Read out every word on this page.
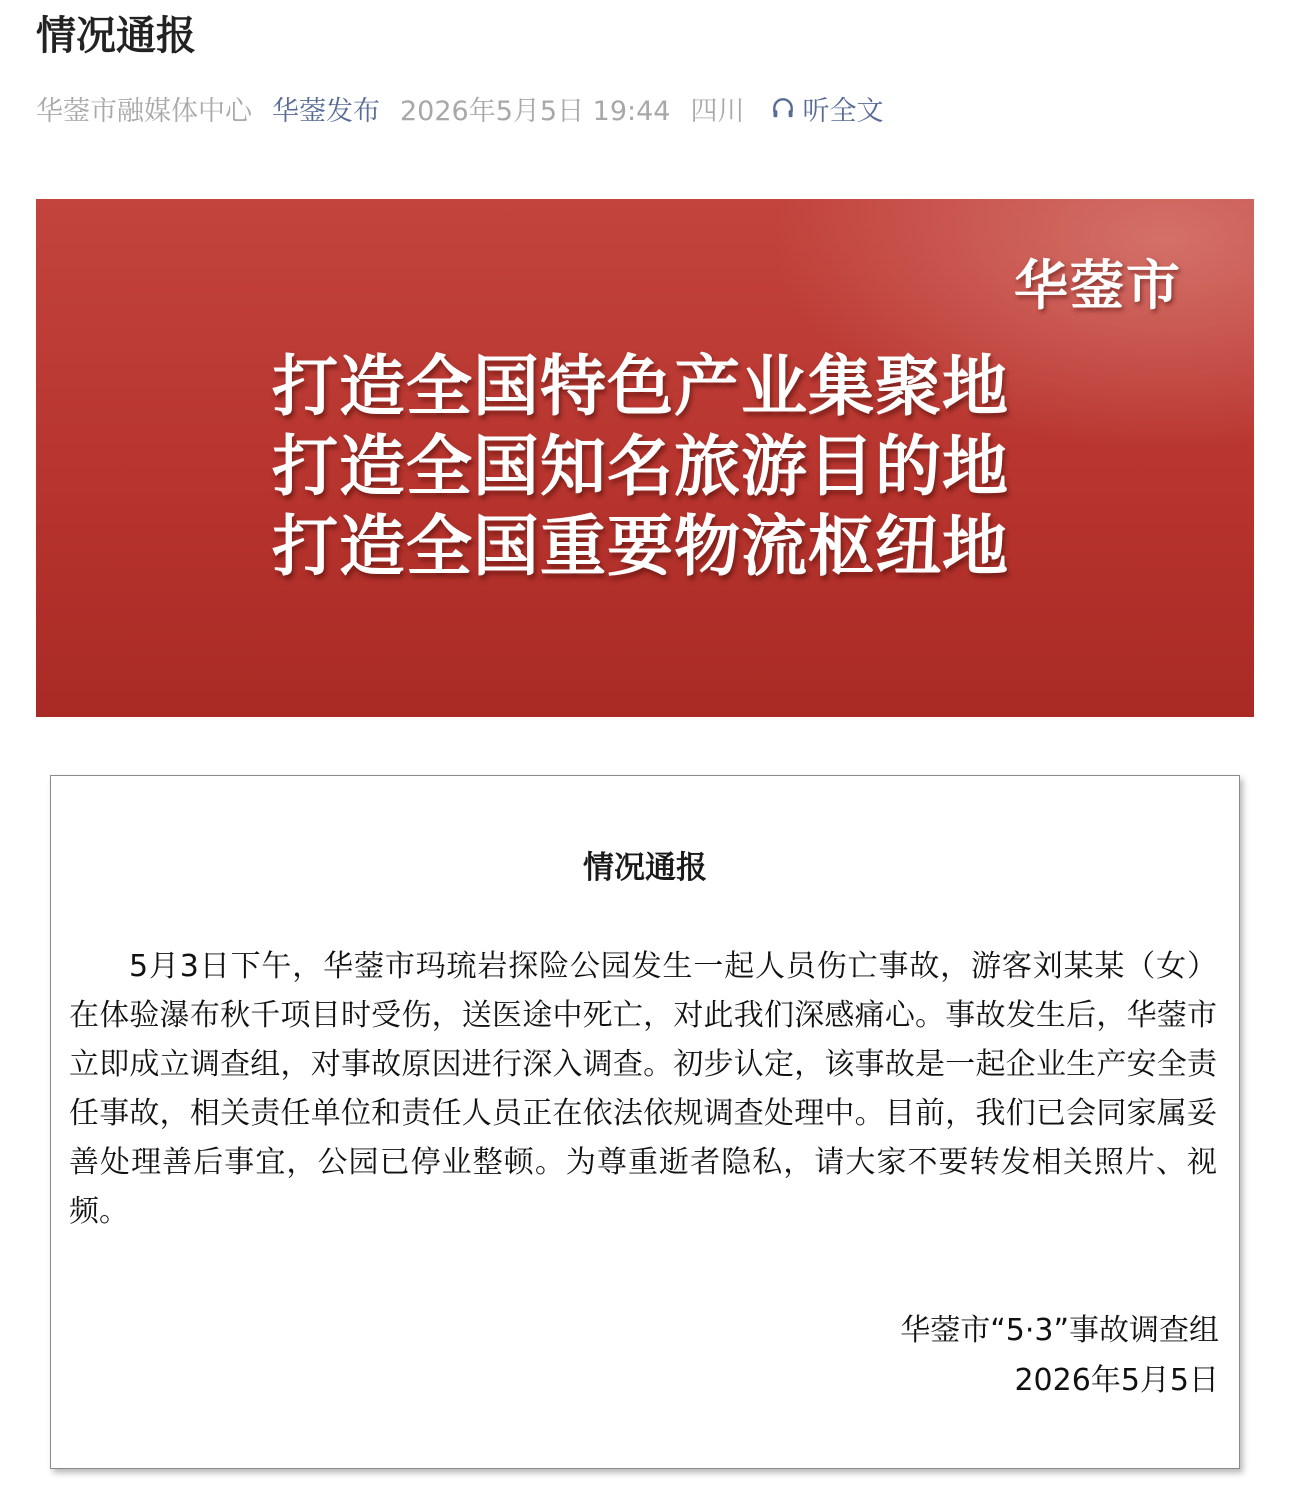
情况通报
华蓥市融媒体中心 华蓥发布 2026年5月5日 19:44 四川 听全文
华蓥市
打造全国特色产业集聚地
打造全国知名旅游目的地
打造全国重要物流枢纽地
情况通报
5月3日下午，华蓥市玛琉岩探险公园发生一起人员伤亡事故，游客刘某某（女）在体验瀑布秋千项目时受伤，送医途中死亡，对此我们深感痛心。事故发生后，华蓥市立即成立调查组，对事故原因进行深入调查。初步认定，该事故是一起企业生产安全责任事故，相关责任单位和责任人员正在依法依规调查处理中。目前，我们已会同家属妥善处理善后事宜，公园已停业整顿。为尊重逝者隐私，请大家不要转发相关照片、视频。
华蓥市“5·3”事故调查组
2026年5月5日
